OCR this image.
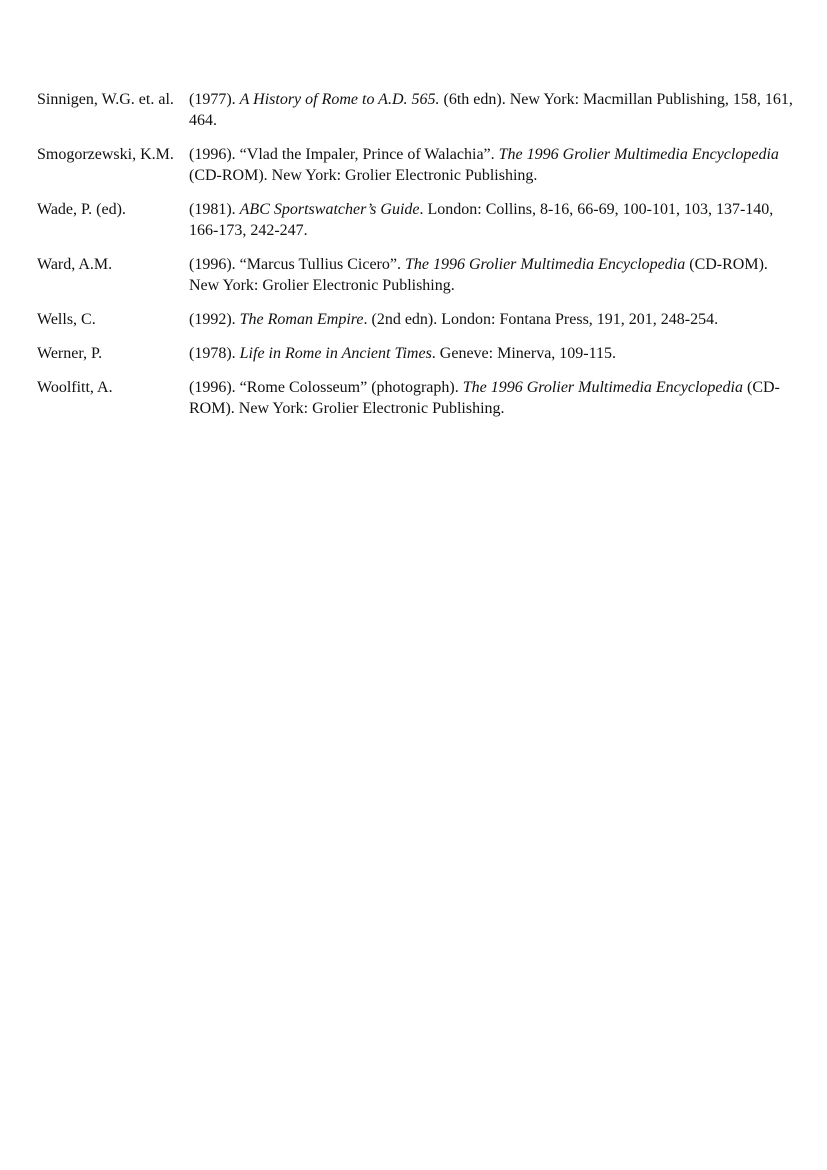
Sinnigen, W.G. et. al. (1977). A History of Rome to A.D. 565. (6th edn). New York: Macmillan Publishing, 158, 161, 464.
Smogorzewski, K.M. (1996). “Vlad the Impaler, Prince of Walachia”. The 1996 Grolier Multimedia Encyclopedia (CD-ROM). New York: Grolier Electronic Publishing.
Wade, P. (ed).	(1981). ABC Sportswatcher’s Guide. London: Collins, 8-16, 66-69, 100-101, 103, 137-140, 166-173, 242-247.
Ward, A.M.	(1996). “Marcus Tullius Cicero”. The 1996 Grolier Multimedia Encyclopedia (CD-ROM). New York: Grolier Electronic Publishing.
Wells, C.	(1992). The Roman Empire. (2nd edn). London: Fontana Press, 191, 201, 248-254.
Werner, P.	(1978). Life in Rome in Ancient Times. Geneve: Minerva, 109-115.
Woolfitt, A.	(1996). “Rome Colosseum” (photograph). The 1996 Grolier Multimedia Encyclopedia (CD-ROM). New York: Grolier Electronic Publishing.
